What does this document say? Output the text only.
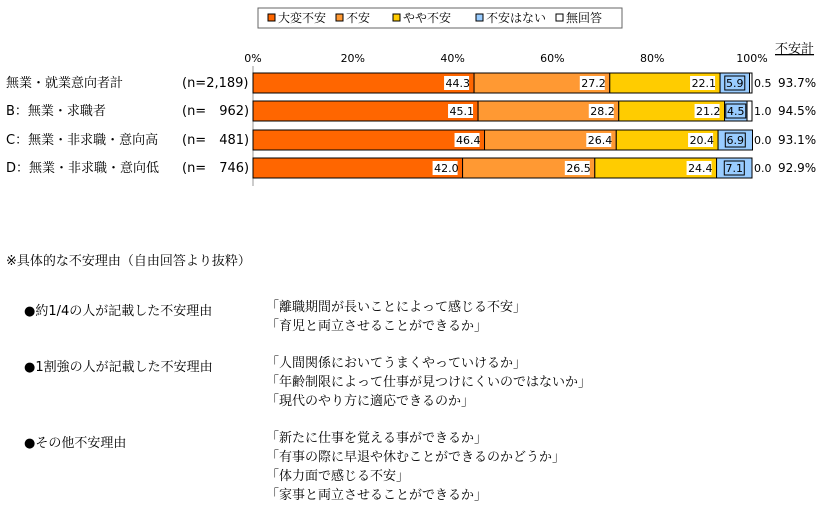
大変不安 不安	やや不安	不安はない 無回答
0%	20%	40%	60%	80%	100%
不安計
無業・就業意向者計	(n=2,189)	44.3	27.2	22.1 5.9 0.5 93.7%
B：無業・求職者	(n=　962)	45.1	28.2	21.2 4.5 1.0 94.5%
C：無業・非求職・意向高 (n=　481)	46.4	26.4	20.4 6.9 0.0 93.1%
D：無業・非求職・意向低 (n=　746)	42.0	26.5	24.4 7.1 0.0 92.9%
※具体的な不安理由（自由回答より抜粋）
●約1/4の人が記載した不安理由	「離職期間が長いことによって感じる不安」
「育児と両立させることができるか」
●1割強の人が記載した不安理由	「人間関係においてうまくやっていけるか」
「年齢制限によって仕事が見つけにくいのではないか」
「現代のやり方に適応できるのか」
●その他不安理由	「新たに仕事を覚える事ができるか」
「有事の際に早退や休むことができるのかどうか」
「体力面で感じる不安」
「家事と両立させることができるか」
